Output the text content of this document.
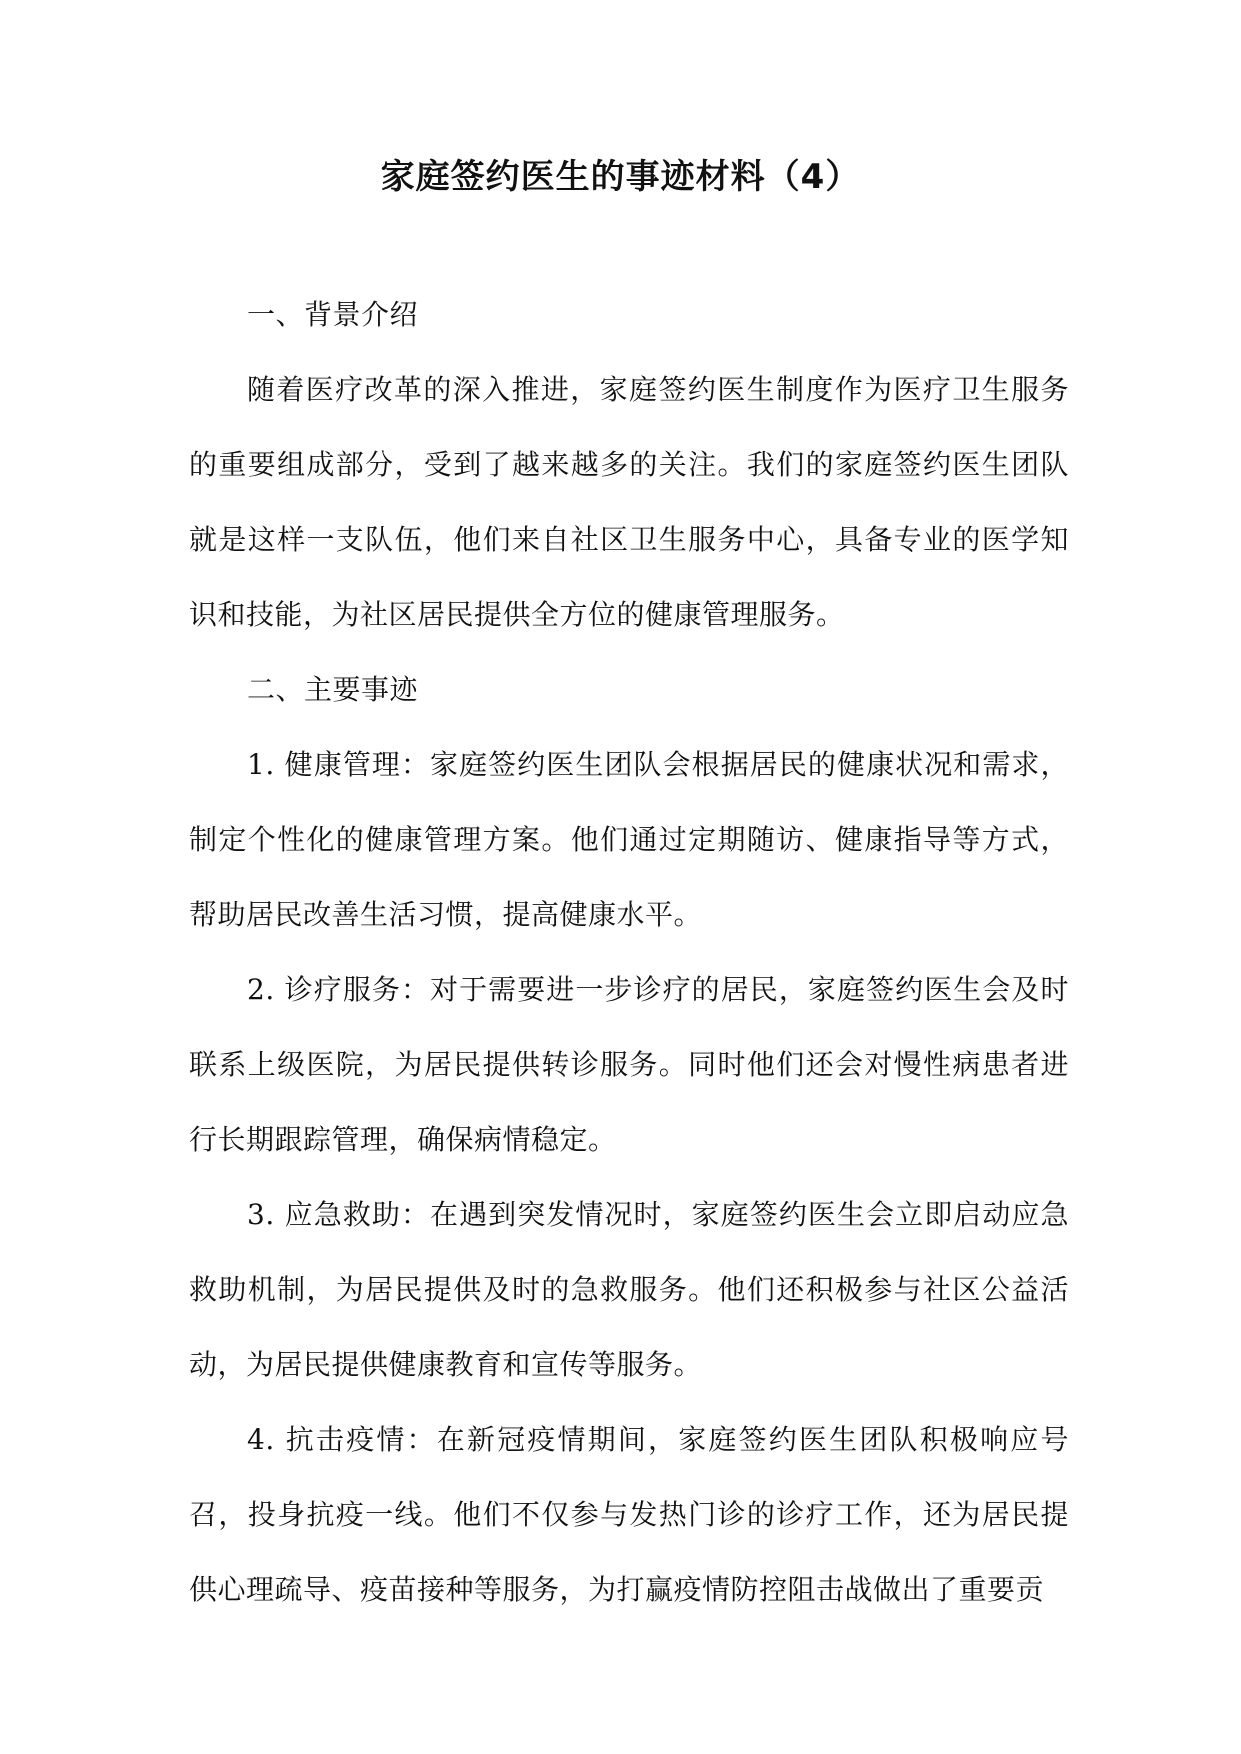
家庭签约医生的事迹材料（4）

一、背景介绍

随着医疗改革的深入推进，家庭签约医生制度作为医疗卫生服务的重要组成部分，受到了越来越多的关注。我们的家庭签约医生团队就是这样一支队伍，他们来自社区卫生服务中心，具备专业的医学知识和技能，为社区居民提供全方位的健康管理服务。

二、主要事迹

1. 健康管理：家庭签约医生团队会根据居民的健康状况和需求，制定个性化的健康管理方案。他们通过定期随访、健康指导等方式，帮助居民改善生活习惯，提高健康水平。

2. 诊疗服务：对于需要进一步诊疗的居民，家庭签约医生会及时联系上级医院，为居民提供转诊服务。同时他们还会对慢性病患者进行长期跟踪管理，确保病情稳定。

3. 应急救助：在遇到突发情况时，家庭签约医生会立即启动应急救助机制，为居民提供及时的急救服务。他们还积极参与社区公益活动，为居民提供健康教育和宣传等服务。

4. 抗击疫情：在新冠疫情期间，家庭签约医生团队积极响应号召，投身抗疫一线。他们不仅参与发热门诊的诊疗工作，还为居民提供心理疏导、疫苗接种等服务，为打赢疫情防控阻击战做出了重要贡
